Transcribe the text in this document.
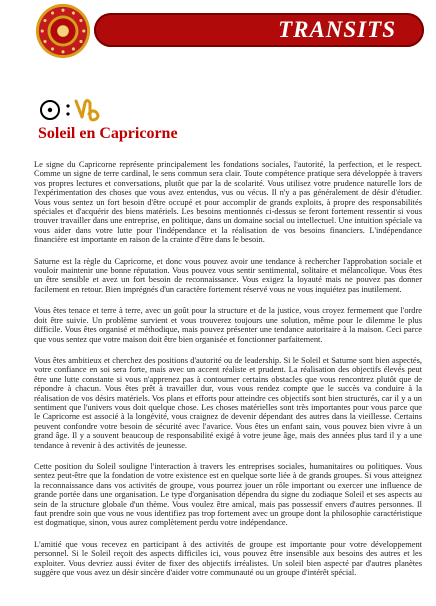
TRANSITS
Soleil en Capricorne

Le signe du Capricorne représente principalement les fondations sociales, l'autorité, la perfection, et le respect. Comme un signe de terre cardinal, le sens commun sera clair. Toute compétence pratique sera développée à travers vos propres lectures et conversations, plutôt que par la de scolarité. Vous utilisez votre prudence naturelle lors de l'expérimentation des choses que vous avez entendus, vus ou vécus. Il n'y a pas généralement de désir d'étudier. Vous vous sentez un fort besoin d'être occupé et pour accomplir de grands exploits, à propre des responsabilités spéciales et d'acquérir des biens matériels. Les besoins mentionnés ci-dessus se feront fortement ressentir si vous trouver travailler dans une entreprise, en politique, dans un domaine social ou intellectuel. Une intuition spéciale va vous aider dans votre lutte pour l'indépendance et la réalisation de vos besoins financiers. L'indépendance financière est importante en raison de la crainte d'être dans le besoin.

Saturne est la règle du Capricorne, et donc vous pouvez avoir une tendance à rechercher l'approbation sociale et vouloir maintenir une bonne réputation. Vous pouvez vous sentir sentimental, solitaire et mélancolique. Vous êtes un être sensible et avez un fort besoin de reconnaissance. Vous exigez la loyauté mais ne pouvez pas donner facilement en retour. Bien imprégnés d'un caractère fortement réservé vous ne vous inquiétez pas inutilement.

Vous êtes tenace et terre à terre, avec un goût pour la structure et de la justice, vous croyez fermement que l'ordre doit être suivie. Un problème survient et vous trouverez toujours une solution, même pour le dilemme le plus difficile. Vous êtes organisé et méthodique, mais pouvez présenter une tendance autoritaire à la maison. Ceci parce que vous sentez que votre maison doit être bien organisée et fonctionner parfaitement.

Vous êtes ambitieux et cherchez des positions d'autorité ou de leadership. Si le Soleil et Saturne sont bien aspectés, votre confiance en soi sera forte, mais avec un accent réaliste et prudent. La réalisation des objectifs élevés peut être une lutte constante si vous n'apprenez pas à contourner certains obstacles que vous rencontrez plutôt que de répondre à chacun. Vous êtes prêt à travailler dur, vous vous rendez compte que le succès va conduire à la réalisation de vos désirs matériels. Vos plans et efforts pour atteindre ces objectifs sont bien structurés, car il y a un sentiment que l'univers vous doit quelque chose. Les choses matérielles sont très importantes pour vous parce que le Capricorne est associé à la longévité, vous craignez de devenir dépendant des autres dans la vieillesse. Certains peuvent confondre votre besoin de sécurité avec l'avarice. Vous êtes un enfant sain, vous pouvez bien vivre à un grand âge. Il y a souvent beaucoup de responsabilité exigé à votre jeune âge, mais des années plus tard il y a une tendance à revenir à des activités de jeunesse.

Cette position du Soleil souligne l'interaction à travers les entreprises sociales, humanitaires ou politiques. Vous sentez peut-être que la fondation de votre existence est en quelque sorte liée à de grands groupes. Si vous atteignez la reconnaissance dans vos activités de groupe, vous pourrez jouer un rôle important ou exercer une influence de grande portée dans une organisation. Le type d'organisation dépendra du signe du zodiaque Soleil et ses aspects au sein de la structure globale d'un thème. Vous voulez être amical, mais pas possessif envers d'autres personnes. Il faut prendre soin que vous ne vous identifiez pas trop fortement avec un groupe dont la philosophie caractéristique est dogmatique, sinon, vous aurez complètement perdu votre indépendance.

L'amitié que vous recevez en participant à des activités de groupe est importante pour votre développement personnel. Si le Soleil reçoit des aspects difficiles ici, vous pouvez être insensible aux besoins des autres et les exploiter. Vous devriez aussi éviter de fixer des objectifs irréalistes. Un soleil bien aspecté par d'autres planètes suggère que vous avez un désir sincère d'aider votre communauté ou un groupe d'intérêt spécial.
